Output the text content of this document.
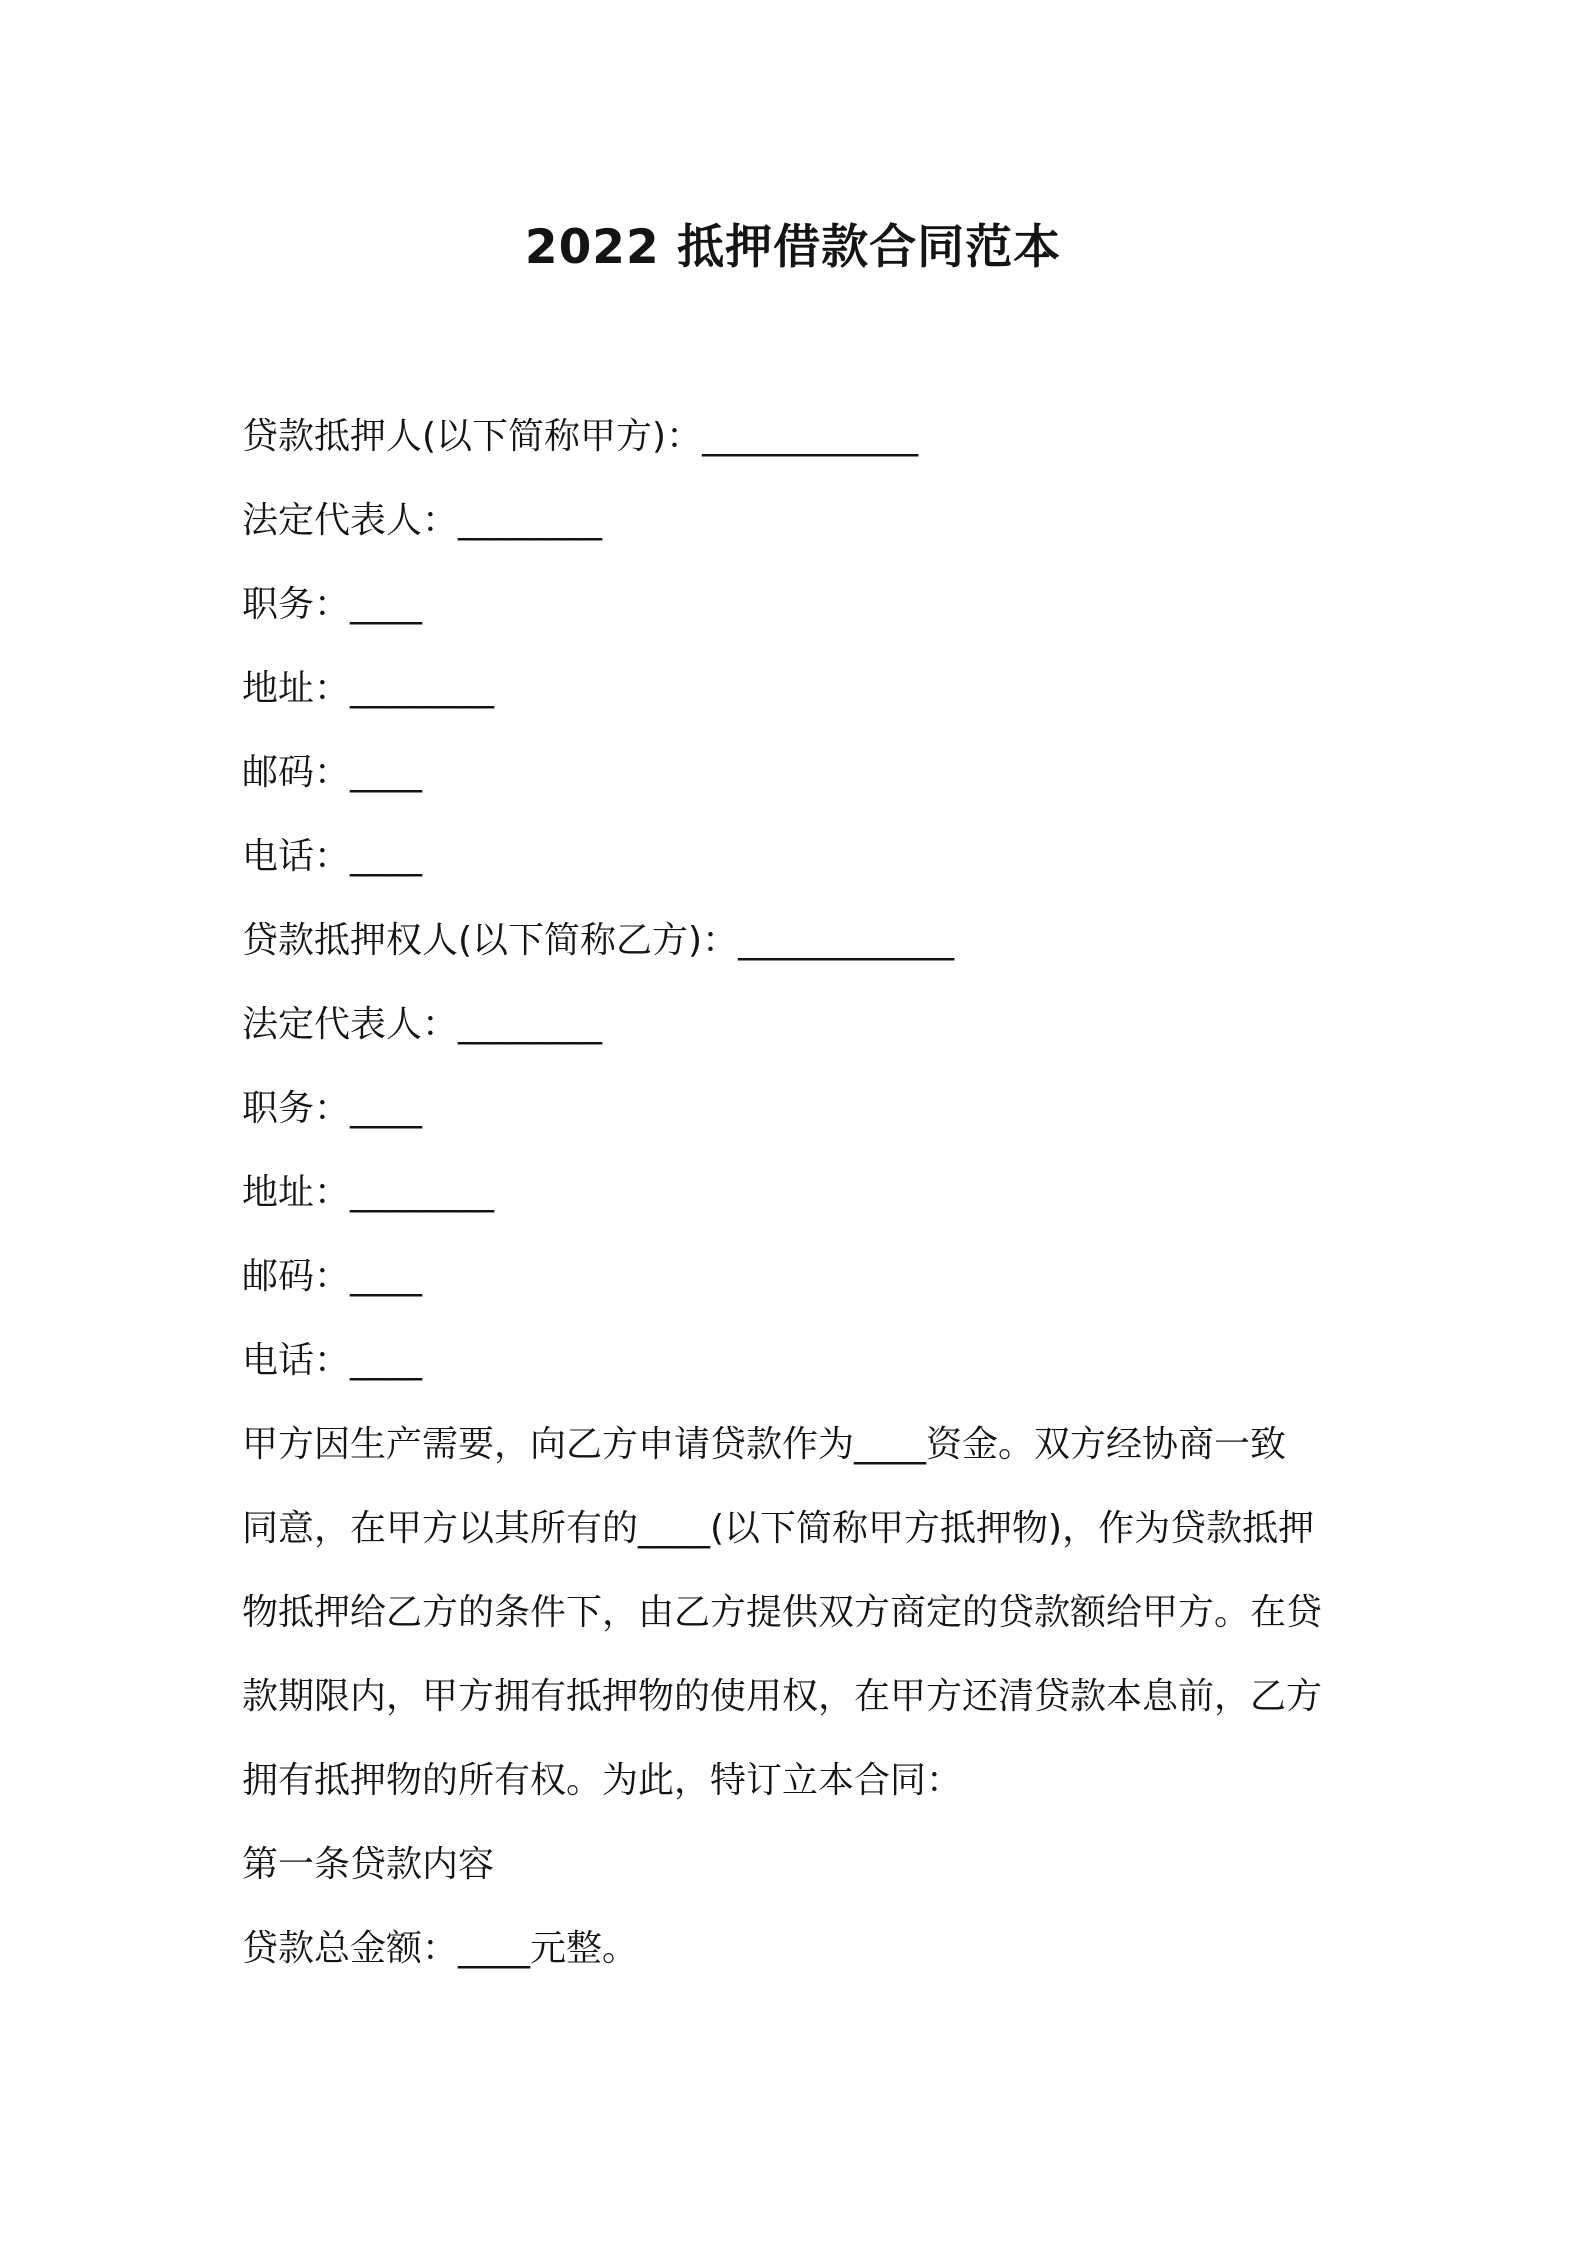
2022 抵押借款合同范本
贷款抵押人(以下简称甲方)：____________
法定代表人：________
职务：____
地址：________
邮码：____
电话：____
贷款抵押权人(以下简称乙方)：____________
法定代表人：________
职务：____
地址：________
邮码：____
电话：____
甲方因生产需要，向乙方申请贷款作为____资金。双方经协商一致
同意，在甲方以其所有的____(以下简称甲方抵押物)，作为贷款抵押
物抵押给乙方的条件下，由乙方提供双方商定的贷款额给甲方。在贷
款期限内，甲方拥有抵押物的使用权，在甲方还清贷款本息前，乙方
拥有抵押物的所有权。为此，特订立本合同：
第一条贷款内容
贷款总金额：____元整。
